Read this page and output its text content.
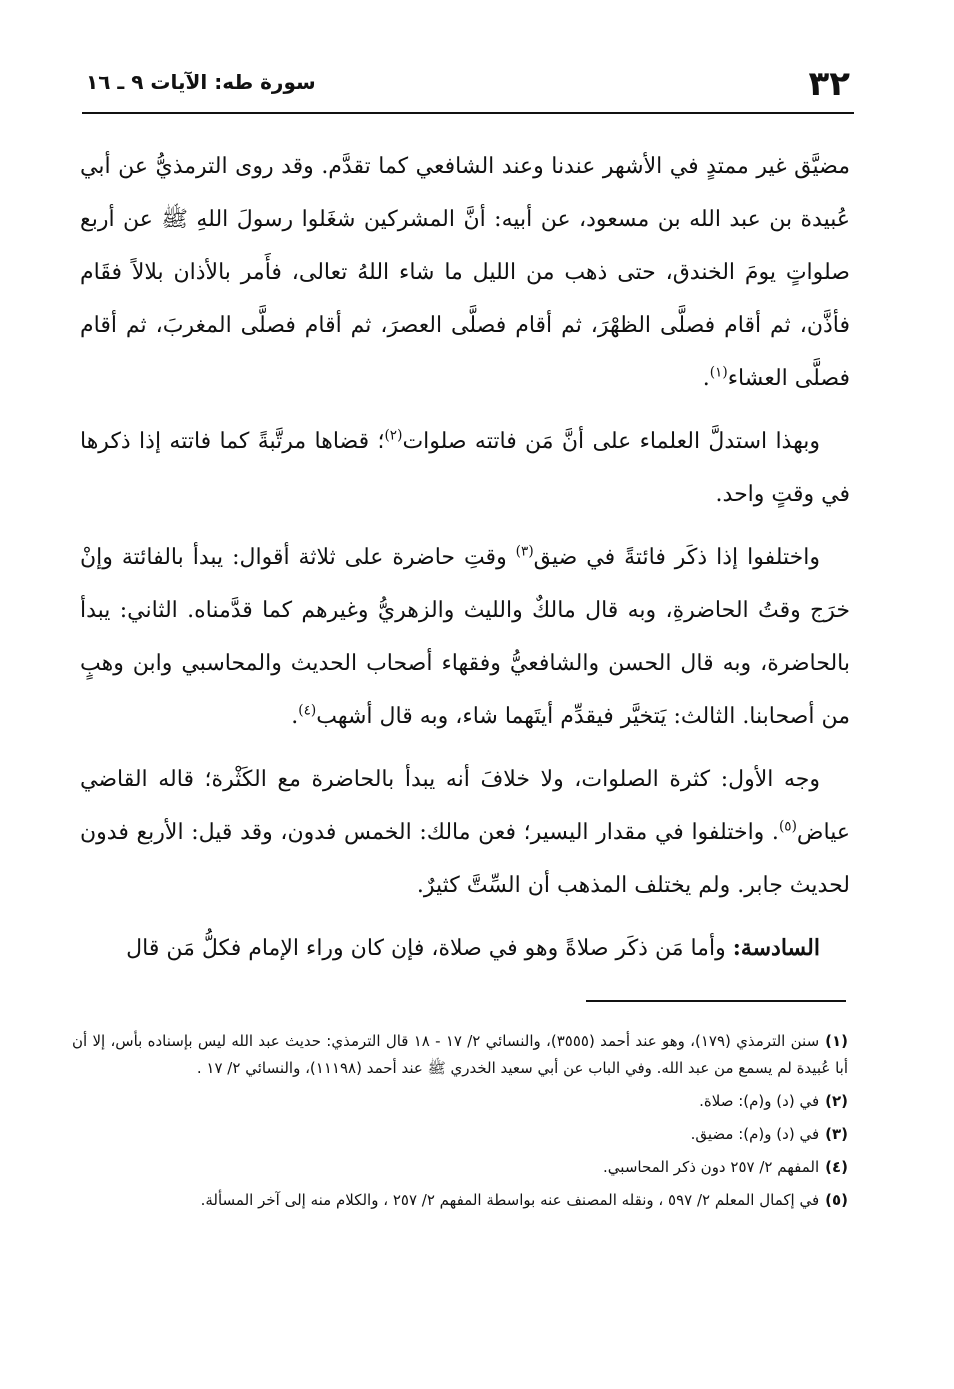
٣٢
سورة طه: الآيات ٩ ـ ١٦

مضيَّق غير ممتدٍ في الأشهر عندنا وعند الشافعي كما تقدَّم. وقد روى الترمذيُّ عن أبي عُبيدة بن عبد الله بن مسعود، عن أبيه: أنَّ المشركين شغَلوا رسولَ اللهِ ﷺ عن أربع صلواتٍ يومَ الخندق، حتى ذهب من الليل ما شاء اللهُ تعالى، فأَمر بالأذان بلالاً فقَام فأذَّن، ثم أقام فصلَّى الظهْرَ، ثم أقام فصلَّى العصرَ، ثم أقام فصلَّى المغربَ، ثم أقام فصلَّى العشاء$^{(١)}$.

وبهذا استدلَّ العلماء على أنَّ مَن فاتته صلوات$^{(٢)}$؛ قضاها مرتَّبةً كما فاتته إذا ذكرها في وقتٍ واحد.

واختلفوا إذا ذكَر فائتةً في ضيق$^{(٣)}$ وقتِ حاضرة على ثلاثة أقوال: يبدأ بالفائتة وإنْ خرَج وقتُ الحاضرةِ، وبه قال مالكٌ والليث والزهريُّ وغيرهم كما قدَّمناه. الثاني: يبدأ بالحاضرة، وبه قال الحسن والشافعيُّ وفقهاء أصحاب الحديث والمحاسبي وابن وهبٍ من أصحابنا. الثالث: يَتخيَّر فيقدِّم أيتَهما شاء، وبه قال أشهب$^{(٤)}$.

وجه الأول: كثرة الصلوات، ولا خلافَ أنه يبدأ بالحاضرة مع الكَثْرة؛ قاله القاضي عياض$^{(٥)}$. واختلفوا في مقدار اليسير؛ فعن مالك: الخمس فدون، وقد قيل: الأربع فدون لحديث جابر. ولم يختلف المذهب أن السِّتَّ كثيرٌ.

السادسة: وأما مَن ذكَر صلاةً وهو في صلاة، فإن كان وراء الإمام فكلُّ مَن قال

(١)سنن الترمذي (١٧٩)، وهو عند أحمد (٣٥٥٥)، والنسائي ٢/ ١٧ - ١٨ قال الترمذي: حديث عبد الله ليس بإسناده بأس، إلا أن أبا عُبيدة لم يسمع من عبد الله. وفي الباب عن أبي سعيد الخدري ﷺ عند أحمد (١١١٩٨)، والنسائي ٢/ ١٧ .

(٢)في (د) و(م): صلاة.

(٣)في (د) و(م): مضيق.

(٤)المفهم ٢/ ٢٥٧ دون ذكر المحاسبي.

(٥)في إكمال المعلم ٢/ ٥٩٧ ، ونقله المصنف عنه بواسطة المفهم ٢/ ٢٥٧ ، والكلام منه إلى آخر المسألة.
